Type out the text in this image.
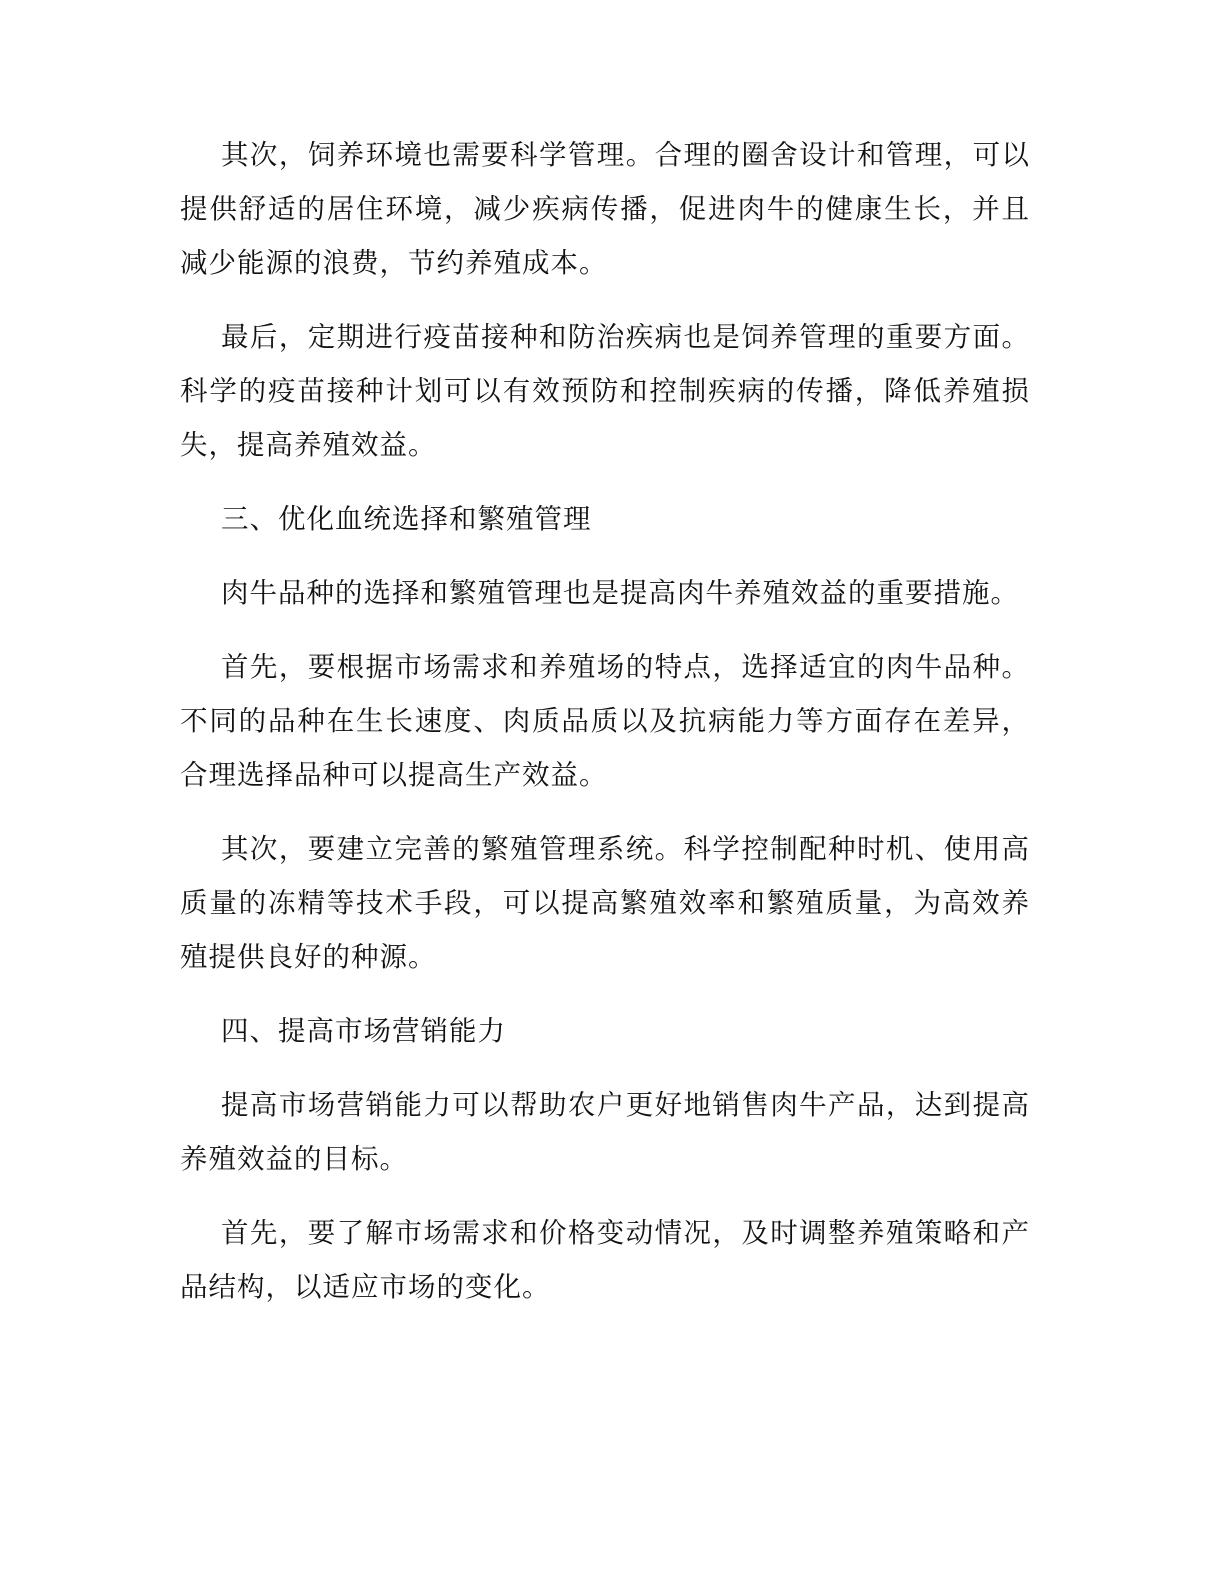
其次，饲养环境也需要科学管理。合理的圈舍设计和管理，可以提供舒适的居住环境，减少疾病传播，促进肉牛的健康生长，并且减少能源的浪费，节约养殖成本。

最后，定期进行疫苗接种和防治疾病也是饲养管理的重要方面。科学的疫苗接种计划可以有效预防和控制疾病的传播，降低养殖损失，提高养殖效益。

三、优化血统选择和繁殖管理

肉牛品种的选择和繁殖管理也是提高肉牛养殖效益的重要措施。

首先，要根据市场需求和养殖场的特点，选择适宜的肉牛品种。不同的品种在生长速度、肉质品质以及抗病能力等方面存在差异，合理选择品种可以提高生产效益。

其次，要建立完善的繁殖管理系统。科学控制配种时机、使用高质量的冻精等技术手段，可以提高繁殖效率和繁殖质量，为高效养殖提供良好的种源。

四、提高市场营销能力

提高市场营销能力可以帮助农户更好地销售肉牛产品，达到提高养殖效益的目标。

首先，要了解市场需求和价格变动情况，及时调整养殖策略和产品结构，以适应市场的变化。
